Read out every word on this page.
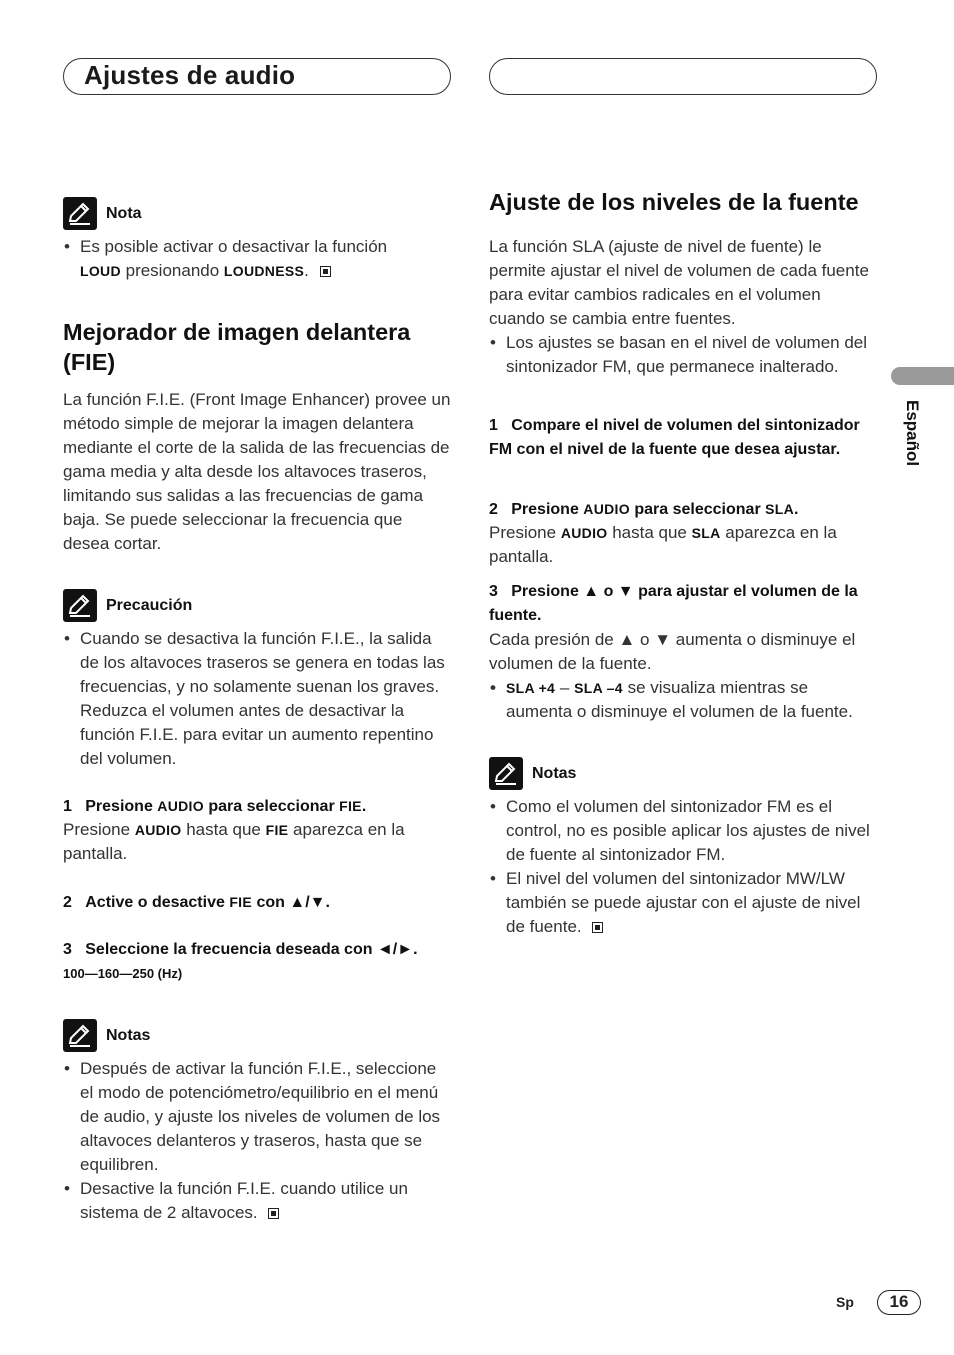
Ajustes de audio
Nota
• Es posible activar o desactivar la función
LOUD presionando LOUDNESS.
Mejorador de imagen delantera (FIE)

La función F.I.E. (Front Image Enhancer) provee un método simple de mejorar la imagen delantera mediante el corte de la salida de las frecuencias de gama media y alta desde los altavoces traseros, limitando sus salidas a las frecuencias de gama baja. Se puede seleccionar la frecuencia que desea cortar.

Precaución
• Cuando se desactiva la función F.I.E., la salida de los altavoces traseros se genera en todas las frecuencias, y no solamente suenan los graves. Reduzca el volumen antes de desactivar la función F.I.E. para evitar un aumento repentino del volumen.
1 Presione AUDIO para seleccionar FIE.

Presione AUDIO hasta que FIE aparezca en la pantalla.

2 Active o desactive FIE con ▲/▼.
3 Seleccione la frecuencia deseada con ◄/►.
100—160—250 (Hz)
Notas
• Después de activar la función F.I.E., seleccione el modo de potenciómetro/equilibrio en el menú de audio, y ajuste los niveles de volumen de los altavoces delanteros y traseros, hasta que se equilibren.
• Desactive la función F.I.E. cuando utilice un sistema de 2 altavoces.
Ajuste de los niveles de la fuente

La función SLA (ajuste de nivel de fuente) le permite ajustar el nivel de volumen de cada fuente para evitar cambios radicales en el volumen cuando se cambia entre fuentes.

• Los ajustes se basan en el nivel de volumen del sintonizador FM, que permanece inalterado.
1 Compare el nivel de volumen del sintonizador FM con el nivel de la fuente que desea ajustar.
2 Presione AUDIO para seleccionar SLA.

Presione AUDIO hasta que SLA aparezca en la pantalla.

3 Presione ▲ o ▼ para ajustar el volumen de la fuente.

Cada presión de ▲ o ▼ aumenta o disminuye el volumen de la fuente.

• SLA +4 – SLA –4 se visualiza mientras se aumenta o disminuye el volumen de la fuente.
Notas
• Como el volumen del sintonizador FM es el control, no es posible aplicar los ajustes de nivel de fuente al sintonizador FM.
• El nivel del volumen del sintonizador MW/LW también se puede ajustar con el ajuste de nivel de fuente.
Español
Sp	16
